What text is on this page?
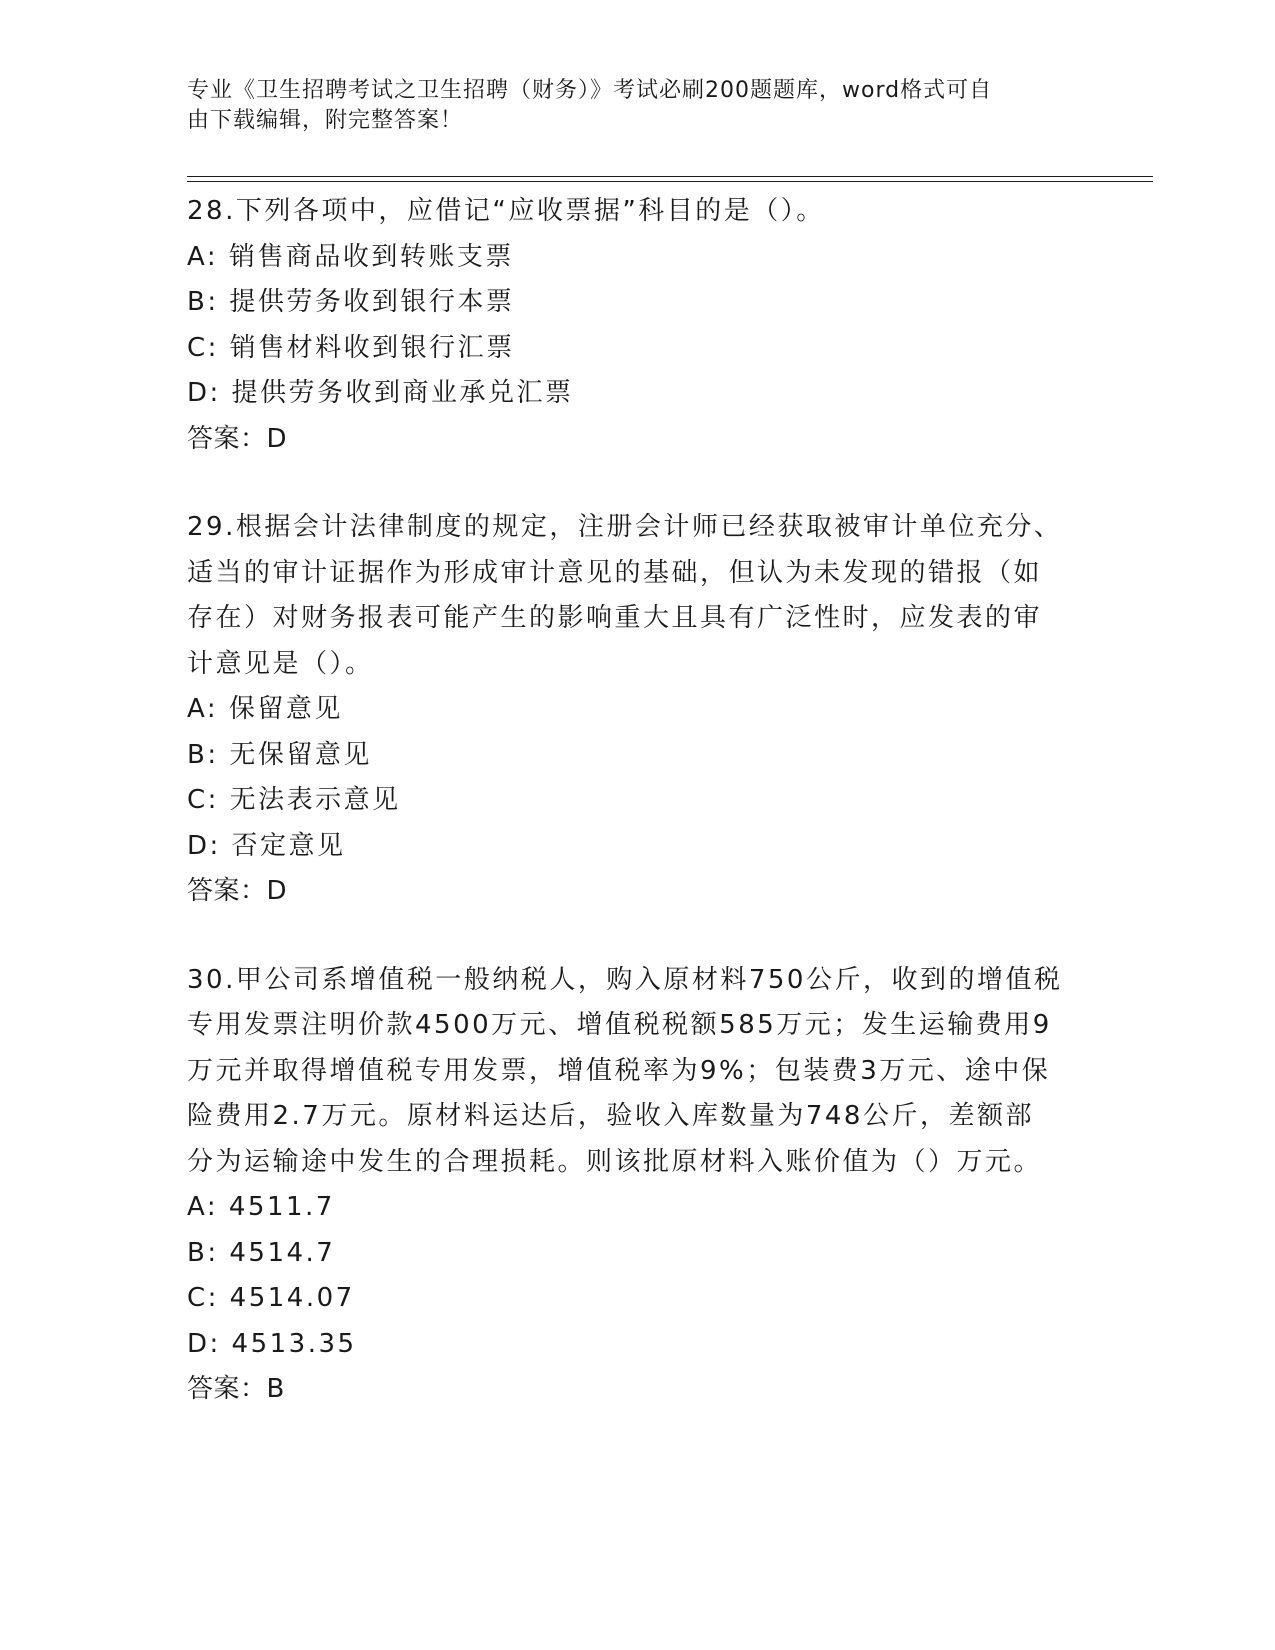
专业《卫生招聘考试之卫生招聘（财务）》考试必刷200题题库，word格式可自
由下载编辑，附完整答案！

28.下列各项中，应借记“应收票据”科目的是（）。

A: 销售商品收到转账支票

B: 提供劳务收到银行本票

C: 销售材料收到银行汇票

D: 提供劳务收到商业承兑汇票

答案：D

29.根据会计法律制度的规定，注册会计师已经获取被审计单位充分、

适当的审计证据作为形成审计意见的基础，但认为未发现的错报（如

存在）对财务报表可能产生的影响重大且具有广泛性时，应发表的审

计意见是（）。

A: 保留意见

B: 无保留意见

C: 无法表示意见

D: 否定意见

答案：D

30.甲公司系增值税一般纳税人，购入原材料750公斤，收到的增值税

专用发票注明价款4500万元、增值税税额585万元；发生运输费用9

万元并取得增值税专用发票，增值税率为9%；包装费3万元、途中保

险费用2.7万元。原材料运达后，验收入库数量为748公斤，差额部

分为运输途中发生的合理损耗。则该批原材料入账价值为（）万元。

A: 4511.7

B: 4514.7

C: 4514.07

D: 4513.35

答案：B
